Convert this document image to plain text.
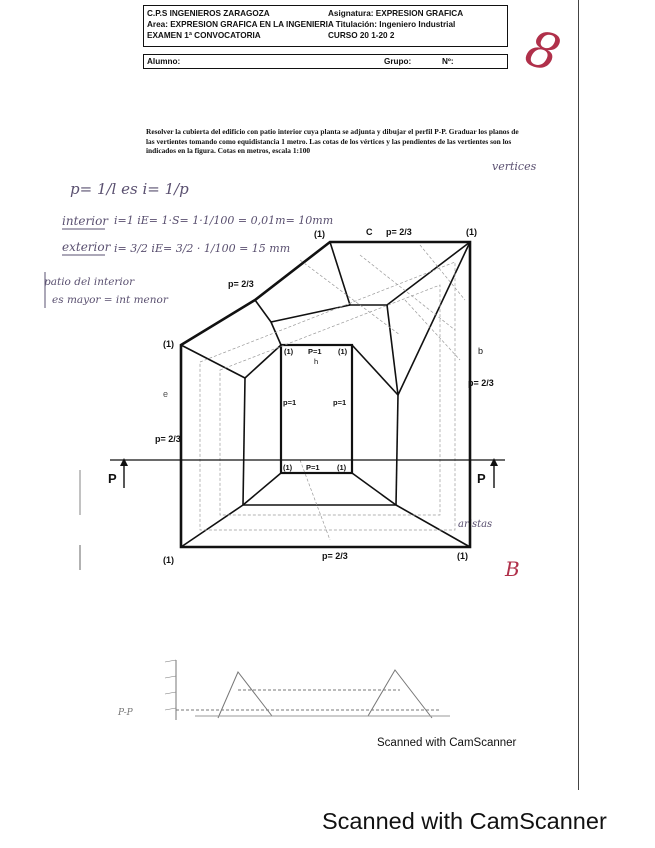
C.P.S INGENIEROS ZARAGOZA	Asignatura: EXPRESION GRAFICA
Area: EXPRESION GRAFICA EN LA INGENIERIA Titulación: Ingeniero Industrial
EXAMEN 1ª CONVOCATORIA	CURSO 20 1-20 2
Alumno:	Grupo:	Nº: 8
Resolver la cubierta del edificio con patio interior cuya planta se adjunta y dibujar el perfil P-P. Graduar los planos de las vertientes tomando como equidistancia 1 metro. Las cotas de los vértices y las pendientes de las vertientes son los indicados en la figura. Cotas en metros, escala 1:100
vertices
p= 1/l es i= 1/p
interior i=1 iE= 1·S= 1·1/100 = 0,01m= 10mm
exterior i= 3/2 iE= 3/2 · 1/100 = 15 mm
patio del interior
es mayor = int menor
aristas
(1)	C p= 2/3	(1)
p= 2/3
(1)
b
p= 2/3
e
p= 2/3
(1)	p= 2/3	(1)
(1) P=1 (1)
h
p=1	p=1
(1) P=1 (1)
P	P
P-P
B
Scanned with CamScanner
Scanned with CamScanner
